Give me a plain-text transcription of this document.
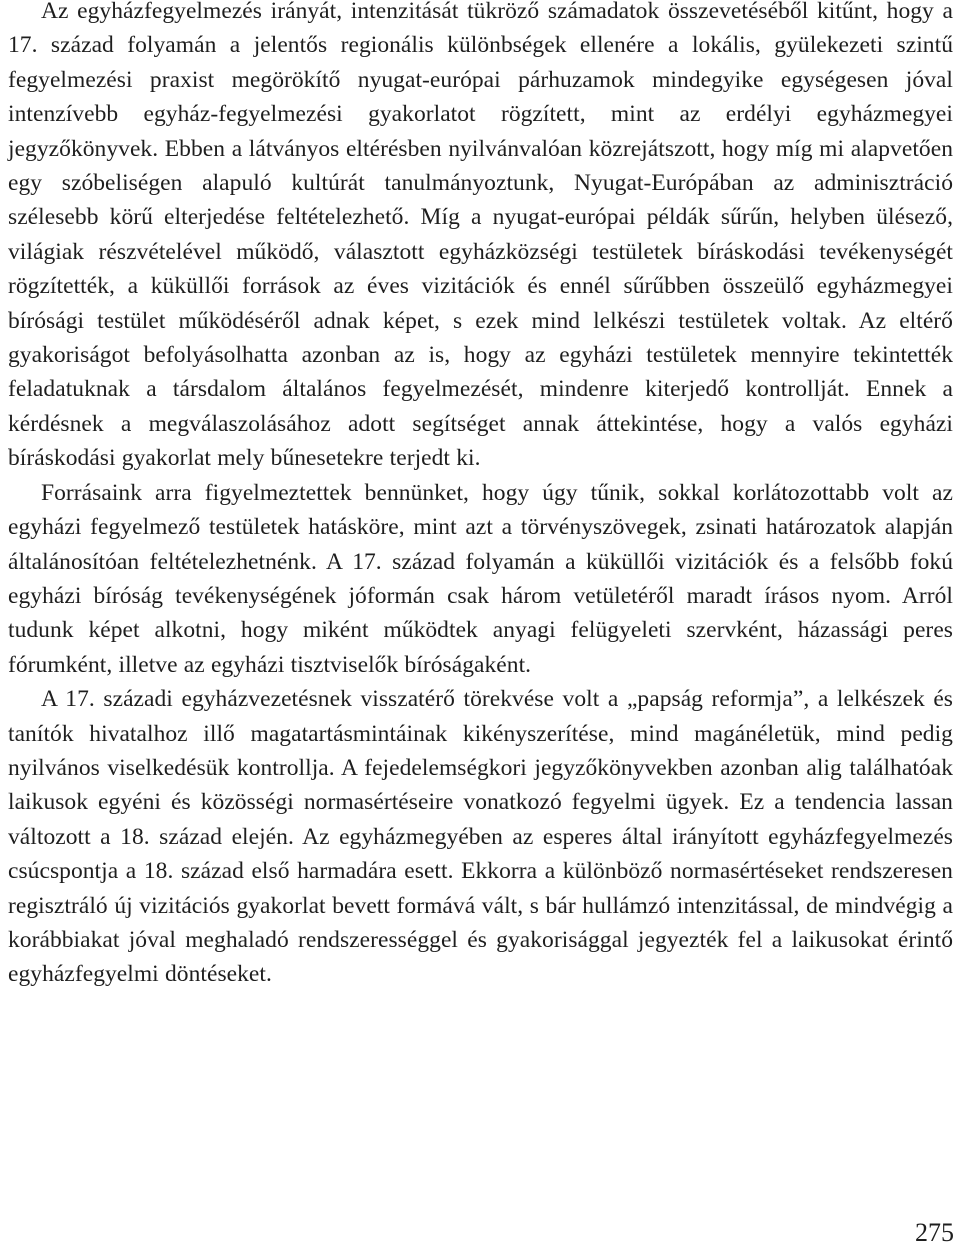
Az egyházfegyelmezés irányát, intenzitását tükröző számadatok összevetéséből kitűnt, hogy a 17. század folyamán a jelentős regionális különbségek ellenére a lokális, gyülekezeti szintű fegyelmezési praxist megörökítő nyugat-európai párhuzamok mindegyike egységesen jóval intenzívebb egyház-fegyelmezési gyakorlatot rögzített, mint az erdélyi egyházmegyei jegyzőkönyvek. Ebben a látványos eltérésben nyilvánvalóan közrejátszott, hogy míg mi alapvetően egy szóbeliségen alapuló kultúrát tanulmányoztunk, Nyugat-Európában az adminisztráció szélesebb körű elterjedése feltételezhető. Míg a nyugat-európai példák sűrűn, helyben ülésező, világiak részvételével működő, választott egyházközségi testületek bíráskodási tevékenységét rögzítették, a küküllői források az éves vizitációk és ennél sűrűbben összeülő egyházmegyei bírósági testület működéséről adnak képet, s ezek mind lelkészi testületek voltak. Az eltérő gyakoriságot befolyásolhatta azonban az is, hogy az egyházi testületek mennyire tekintették feladatuknak a társdalom általános fegyelmezését, mindenre kiterjedő kontrollját. Ennek a kérdésnek a megválaszolásához adott segítséget annak áttekintése, hogy a valós egyházi bíráskodási gyakorlat mely bűnesetekre terjedt ki.

Forrásaink arra figyelmeztettek bennünket, hogy úgy tűnik, sokkal korlátozottabb volt az egyházi fegyelmező testületek hatásköre, mint azt a törvényszövegek, zsinati határozatok alapján általánosítóan feltételezhetnénk. A 17. század folyamán a küküllői vizitációk és a felsőbb fokú egyházi bíróság tevékenységének jóformán csak három vetületéről maradt írásos nyom. Arról tudunk képet alkotni, hogy miként működtek anyagi felügyeleti szervként, házassági peres fórumként, illetve az egyházi tisztviselők bíróságaként.

A 17. századi egyházvezetésnek visszatérő törekvése volt a „papság reformja”, a lelkészek és tanítók hivatalhoz illő magatartásmintáinak kikényszerítése, mind magánéletük, mind pedig nyilvános viselkedésük kontrollja. A fejedelemségkori jegyzőkönyvekben azonban alig találhatóak laikusok egyéni és közösségi normasértéseire vonatkozó fegyelmi ügyek. Ez a tendencia lassan változott a 18. század elején. Az egyházmegyében az esperes által irányított egyházfegyelmezés csúcspontja a 18. század első harmadára esett. Ekkorra a különböző normasértéseket rendszeresen regisztráló új vizitációs gyakorlat bevett formává vált, s bár hullámzó intenzitással, de mindvégig a korábbiakat jóval meghaladó rendszerességgel és gyakorisággal jegyezték fel a laikusokat érintő egyházfegyelmi döntéseket.

275
